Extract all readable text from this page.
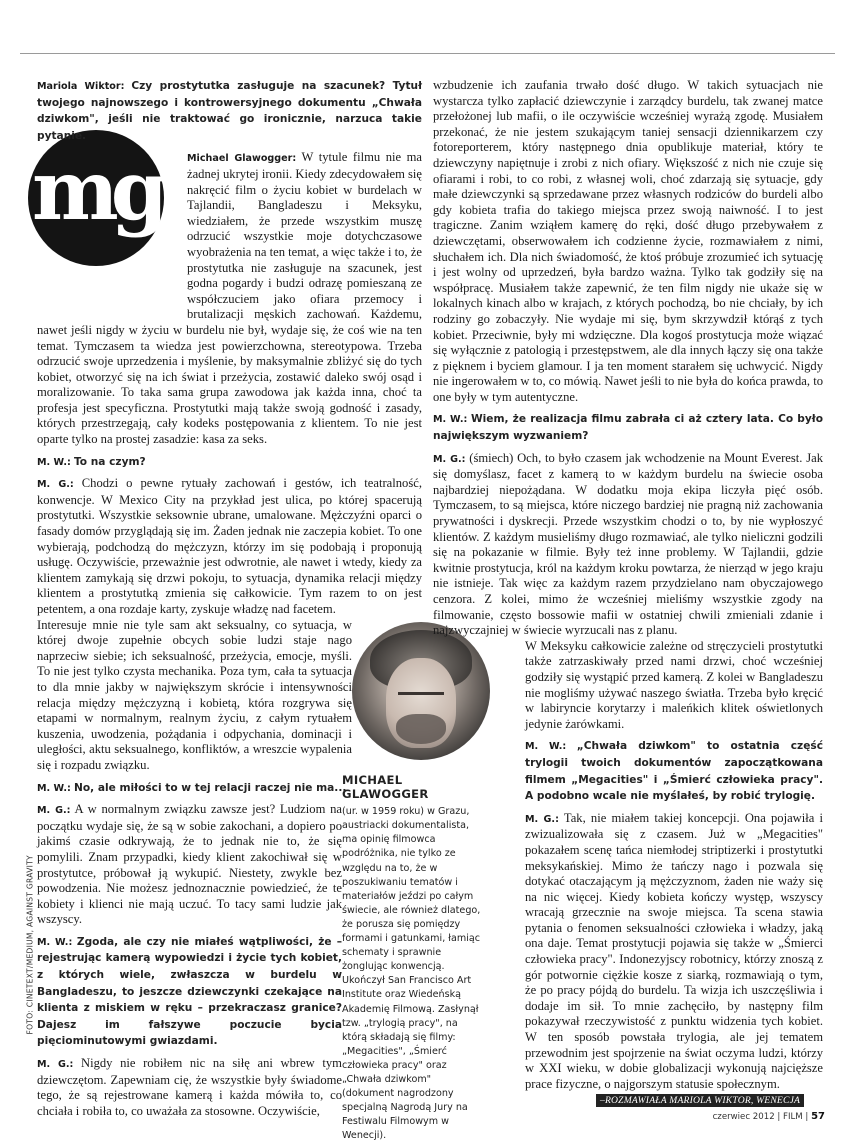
mg

Mariola Wiktor: Czy prostytutka zasługuje na szacunek? Tytuł twojego najnowszego i kontrowersyjnego dokumentu „Chwała dziwkom", jeśli nie traktować go ironicznie, narzuca takie pytanie.

Michael Glawogger: W tytule filmu nie ma żadnej ukrytej ironii. Kiedy zdecydowałem się nakręcić film o życiu kobiet w burdelach w Tajlandii, Bangladeszu i Meksyku, wiedziałem, że przede wszystkim muszę odrzucić wszystkie moje dotychczasowe wyobrażenia na ten temat, a więc także i to, że prostytutka nie zasługuje na szacunek, jest godna pogardy i budzi odrazę pomieszaną ze współczuciem jako ofiara przemocy i brutalizacji męskich zachowań. Każdemu, nawet jeśli nigdy w życiu w burdelu nie był, wydaje się, że coś wie na ten temat. Tymczasem ta wiedza jest powierzchowna, stereotypowa. Trzeba odrzucić swoje uprzedzenia i myślenie, by maksymalnie zbliżyć się do tych kobiet, otworzyć się na ich świat i przeżycia, zostawić daleko swój osąd i moralizowanie. To taka sama grupa zawodowa jak każda inna, choć ta profesja jest specyficzna. Prostytutki mają także swoją godność i zasady, których przestrzegają, cały kodeks postępowania z klientem. To nie jest oparte tylko na prostej zasadzie: kasa za seks.

M. W.: To na czym?

M. G.: Chodzi o pewne rytuały zachowań i gestów, ich teatralność, konwencje. W Mexico City na przykład jest ulica, po której spacerują prostytutki. Wszystkie seksownie ubrane, umalowane. Mężczyźni oparci o fasady domów przyglądają się im. Żaden jednak nie zaczepia kobiet. To one wybierają, podchodzą do mężczyzn, którzy im się podobają i proponują usługę. Oczywiście, przeważnie jest odwrotnie, ale nawet i wtedy, kiedy za klientem zamykają się drzwi pokoju, to sytuacja, dynamika relacji między klientem a prostytutką zmienia się całkowicie. Tym razem to on jest petentem, a ona rozdaje karty, zyskuje władzę nad facetem.

Interesuje mnie nie tyle sam akt seksualny, co sytuacja, w której dwoje zupełnie obcych sobie ludzi staje nago naprzeciw siebie; ich seksualność, przeżycia, emocje, myśli. To nie jest tylko czysta mechanika. Poza tym, cała ta sytuacja to dla mnie jakby w największym skrócie i intensywności relacja między mężczyzną i kobietą, która rozgrywa się etapami w normalnym, realnym życiu, z całym rytuałem kuszenia, uwodzenia, pożądania i odpychania, dominacji i uległości, aktu seksualnego, konfliktów, a wreszcie wypalenia się i rozpadu związku.

M. W.: No, ale miłości to w tej relacji raczej nie ma...

M. G.: A w normalnym związku zawsze jest? Ludziom na początku wydaje się, że są w sobie zakochani, a dopiero po jakimś czasie odkrywają, że to jednak nie to, że się pomylili. Znam przypadki, kiedy klient zakochiwał się w prostytutce, próbował ją wykupić. Niestety, zwykle bez powodzenia. Nie możesz jednoznacznie powiedzieć, że te kobiety i klienci nie mają uczuć. To tacy sami ludzie jak wszyscy.

M. W.: Zgoda, ale czy nie miałeś wątpliwości, że – rejestrując kamerą wypowiedzi i życie tych kobiet, z których wiele, zwłaszcza w burdelu w Bangladeszu, to jeszcze dziewczynki czekające na klienta z miskiem w ręku – przekraczasz granice? Dajesz im fałszywe poczucie bycia pięciominutowymi gwiazdami.

M. G.: Nigdy nie robiłem nic na siłę ani wbrew tym dziewczętom. Zapewniam cię, że wszystkie były świadome tego, że są rejestrowane kamerą i każda mówiła to, co chciała i robiła to, co uważała za stosowne. Oczywiście,

MICHAEL GLAWOGGER

(ur. w 1959 roku) w Grazu, austriacki dokumentalista, ma opinię filmowca podróżnika, nie tylko ze względu na to, że w poszukiwaniu tematów i materiałów jeździ po całym świecie, ale również dlatego, że porusza się pomiędzy formami i gatunkami, łamiąc schematy i sprawnie żonglując konwencją. Ukończył San Francisco Art Institute oraz Wiedeńską Akademię Filmową. Zasłynął tzw. „trylogią pracy", na którą składają się filmy: „Megacities", „Śmierć człowieka pracy" oraz „Chwała dziwkom" (dokument nagrodzony specjalną Nagrodą Jury na Festiwalu Filmowym w Wenecji).

wzbudzenie ich zaufania trwało dość długo. W takich sytuacjach nie wystarcza tylko zapłacić dziewczynie i zarządcy burdelu, tak zwanej matce przełożonej lub mafii, o ile oczywiście wcześniej wyrażą zgodę. Musiałem przekonać, że nie jestem szukającym taniej sensacji dziennikarzem czy fotoreporterem, który następnego dnia opublikuje materiał, który te dziewczyny napiętnuje i zrobi z nich ofiary. Większość z nich nie czuje się ofiarami i robi, to co robi, z własnej woli, choć zdarzają się sytuacje, gdy małe dziewczynki są sprzedawane przez własnych rodziców do burdeli albo gdy kobieta trafia do takiego miejsca przez swoją naiwność. I to jest tragiczne. Zanim wziąłem kamerę do ręki, dość długo przebywałem z dziewczętami, obserwowałem ich codzienne życie, rozmawiałem z nimi, słuchałem ich. Dla nich świadomość, że ktoś próbuje zrozumieć ich sytuację i jest wolny od uprzedzeń, była bardzo ważna. Tylko tak godziły się na współpracę. Musiałem także zapewnić, że ten film nigdy nie ukaże się w lokalnych kinach albo w krajach, z których pochodzą, bo nie chciały, by ich rodziny go zobaczyły. Nie wydaje mi się, bym skrzywdził którąś z tych kobiet. Przeciwnie, były mi wdzięczne. Dla kogoś prostytucja może wiązać się wyłącznie z patologią i przestępstwem, ale dla innych łączy się ona także z pięknem i byciem glamour. I ja ten moment starałem się uchwycić. Nigdy nie ingerowałem w to, co mówią. Nawet jeśli to nie była do końca prawda, to one były w tym autentyczne.

M. W.: Wiem, że realizacja filmu zabrała ci aż cztery lata. Co było największym wyzwaniem?

M. G.: (śmiech) Och, to było czasem jak wchodzenie na Mount Everest. Jak się domyślasz, facet z kamerą to w każdym burdelu na świecie osoba najbardziej niepożądana. W dodatku moja ekipa liczyła pięć osób. Tymczasem, to są miejsca, które niczego bardziej nie pragną niż zachowania prywatności i dyskrecji. Przede wszystkim chodzi o to, by nie wypłoszyć klientów. Z każdym musieliśmy długo rozmawiać, ale tylko nieliczni godzili się na pokazanie w filmie. Były też inne problemy. W Tajlandii, gdzie kwitnie prostytucja, król na każdym kroku powtarza, że nierząd w jego kraju nie istnieje. Tak więc za każdym razem przydzielano nam obyczajowego cenzora. Z kolei, mimo że wcześniej mieliśmy wszystkie zgody na filmowanie, często bossowie mafii w ostatniej chwili zmieniali zdanie i najzwyczajniej w świecie wyrzucali nas z planu.

W Meksyku całkowicie zależne od stręczycieli prostytutki także zatrzaskiwały przed nami drzwi, choć wcześniej godziły się wystąpić przed kamerą. Z kolei w Bangladeszu nie mogliśmy używać naszego światła. Trzeba było kręcić w labiryncie korytarzy i maleńkich klitek oświetlonych jedynie żarówkami.

M. W.: „Chwała dziwkom" to ostatnia część trylogii twoich dokumentów zapoczątkowana filmem „Megacities" i „Śmierć człowieka pracy". A podobno wcale nie myślałeś, by robić trylogię.

M. G.: Tak, nie miałem takiej koncepcji. Ona pojawiła i zwizualizowała się z czasem. Już w „Megacities" pokazałem scenę tańca niemłodej striptizerki i prostytutki meksykańskiej. Mimo że tańczy nago i pozwala się dotykać otaczającym ją mężczyznom, żaden nie waży się na nic więcej. Kiedy kobieta kończy występ, wszyscy wracają grzecznie na swoje miejsca. Ta scena stawia pytania o fenomen seksualności człowieka i władzy, jaką ona daje. Temat prostytucji pojawia się także w „Śmierci człowieka pracy". Indonezyjscy robotnicy, którzy znoszą z gór potwornie ciężkie kosze z siarką, rozmawiają o tym, że po pracy pójdą do burdelu. Ta wizja ich uszczęśliwia i dodaje im sił. To mnie zachęciło, by następny film pokazywał rzeczywistość z punktu widzenia tych kobiet. W ten sposób powstała trylogia, ale jej tematem przewodnim jest spojrzenie na świat oczyma ludzi, którzy w XXI wieku, w dobie globalizacji wykonują najcięższe prace fizyczne, o najgorszym statusie społecznym.

FOTO: CINETEXT/MEDIUM, AGAINST GRAVITY
–ROZMAWIAŁA MARIOLA WIKTOR, WENECJA
czerwiec 2012 | FILM | 57
